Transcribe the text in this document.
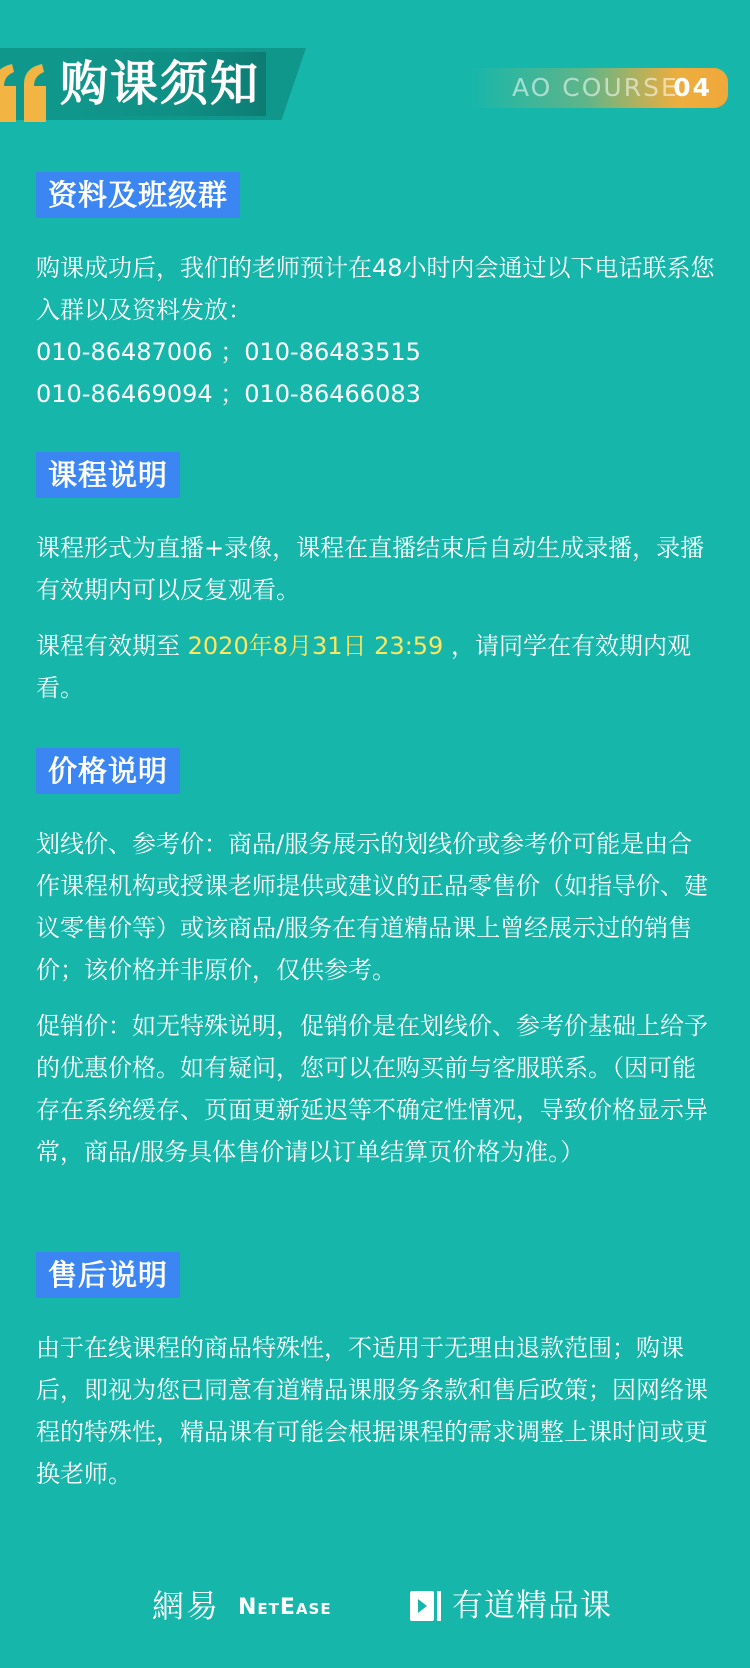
购课须知	AO COURSE
04
资料及班级群
购课成功后，我们的老师预计在48小时内会通过以下电话联系您入群以及资料发放：
010-86487006 ；010-86483515
010-86469094 ；010-86466083
课程说明
课程形式为直播+录像，课程在直播结束后自动生成录播，录播有效期内可以反复观看。
课程有效期至 2020年8月31日 23:59 ，请同学在有效期内观看。
价格说明
划线价、参考价：商品/服务展示的划线价或参考价可能是由合作课程机构或授课老师提供或建议的正品零售价（如指导价、建议零售价等）或该商品/服务在有道精品课上曾经展示过的销售价；该价格并非原价，仅供参考。
促销价：如无特殊说明，促销价是在划线价、参考价基础上给予的优惠价格。如有疑问，您可以在购买前与客服联系。（因可能存在系统缓存、页面更新延迟等不确定性情况，导致价格显示异常，商品/服务具体售价请以订单结算页价格为准。）
售后说明
由于在线课程的商品特殊性，不适用于无理由退款范围；购课后，即视为您已同意有道精品课服务条款和售后政策；因网络课程的特殊性，精品课有可能会根据课程的需求调整上课时间或更换老师。
網易 NetEase	有道精品课
